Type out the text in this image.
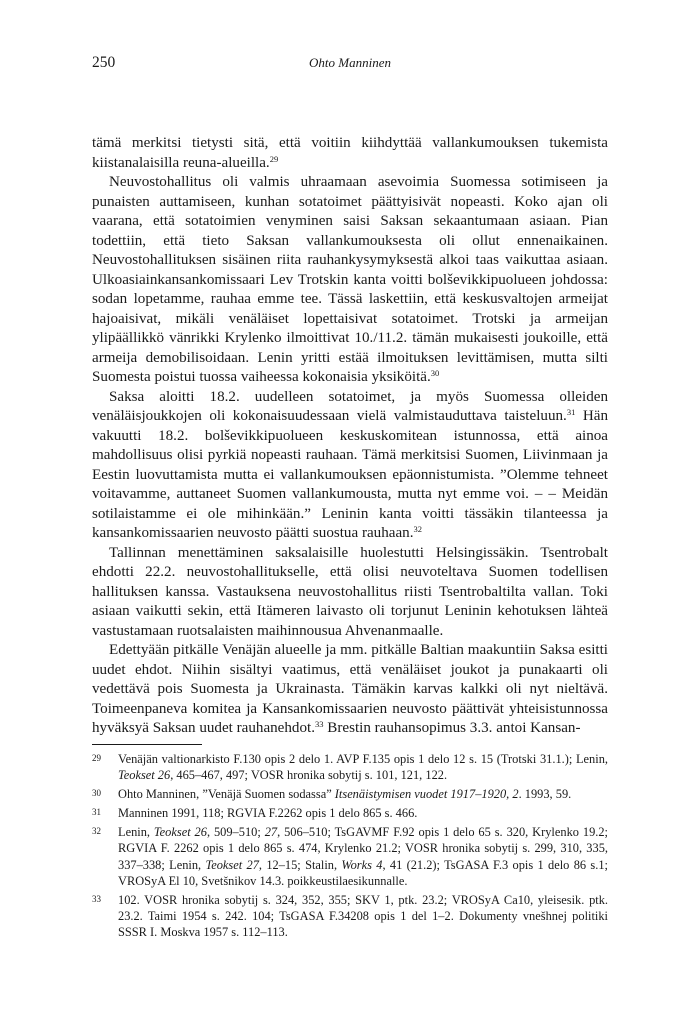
250	Ohto Manninen

tämä merkitsi tietysti sitä, että voitiin kiihdyttää vallankumouksen tukemista kiistanalaisilla reuna-alueilla.$^{29}$

Neuvostohallitus oli valmis uhraamaan asevoimia Suomessa sotimiseen ja punaisten auttamiseen, kunhan sotatoimet päättyisivät nopeasti. Koko ajan oli vaarana, että sotatoimien venyminen saisi Saksan sekaantumaan asiaan. Pian todettiin, että tieto Saksan vallankumouksesta oli ollut ennenaikainen. Neuvostohallituksen sisäinen riita rauhankysymyksestä alkoi taas vaikuttaa asiaan. Ulkoasiainkansankomissaari Lev Trotskin kanta voitti bolševikkipuolueen johdossa: sodan lopetamme, rauhaa emme tee. Tässä laskettiin, että keskusvaltojen armeijat hajoaisivat, mikäli venäläiset lopettaisivat sotatoimet. Trotski ja armeijan ylipäällikkö vänrikki Krylenko ilmoittivat 10./11.2. tämän mukaisesti joukoille, että armeija demobilisoidaan. Lenin yritti estää ilmoituksen levittämisen, mutta silti Suomesta poistui tuossa vaiheessa kokonaisia yksiköitä.$^{30}$

Saksa aloitti 18.2. uudelleen sotatoimet, ja myös Suomessa olleiden venäläisjoukkojen oli kokonaisuudessaan vielä valmistauduttava taisteluun.$^{31}$ Hän vakuutti 18.2. bolševikkipuolueen keskuskomitean istunnossa, että ainoa mahdollisuus olisi pyrkiä nopeasti rauhaan. Tämä merkitsisi Suomen, Liivinmaan ja Eestin luovuttamista mutta ei vallankumouksen epäonnistumista. ”Olemme tehneet voitavamme, auttaneet Suomen vallankumousta, mutta nyt emme voi. – – Meidän sotilaistamme ei ole mihinkään.” Leninin kanta voitti tässäkin tilanteessa ja kansankomissaarien neuvosto päätti suostua rauhaan.$^{32}$

Tallinnan menettäminen saksalaisille huolestutti Helsingissäkin. Tsentrobalt ehdotti 22.2. neuvostohallitukselle, että olisi neuvoteltava Suomen todellisen hallituksen kanssa. Vastauksena neuvostohallitus riisti Tsentrobaltilta vallan. Toki asiaan vaikutti sekin, että Itämeren laivasto oli torjunut Leninin kehotuksen lähteä vastustamaan ruotsalaisten maihinnousua Ahvenanmaalle.

Edettyään pitkälle Venäjän alueelle ja mm. pitkälle Baltian maakuntiin Saksa esitti uudet ehdot. Niihin sisältyi vaatimus, että venäläiset joukot ja punakaarti oli vedettävä pois Suomesta ja Ukrainasta. Tämäkin karvas kalkki oli nyt nieltävä. Toimeenpaneva komitea ja Kansankomissaarien neuvosto päättivät yhteisistunnossa hyväksyä Saksan uudet rauhanehdot.$^{33}$ Brestin rauhansopimus 3.3. antoi Kansan-

29	Venäjän valtionarkisto F.130 opis 2 delo 1. AVP F.135 opis 1 delo 12 s. 15 (Trotski 31.1.); Lenin, Teokset 26, 465–467, 497; VOSR hronika sobytij s. 101, 121, 122.
30	Ohto Manninen, ”Venäjä Suomen sodassa” Itsenäistymisen vuodet 1917–1920, 2. 1993, 59.
31	Manninen 1991, 118; RGVIA F.2262 opis 1 delo 865 s. 466.
32	Lenin, Teokset 26, 509–510; 27, 506–510; TsGAVMF F.92 opis 1 delo 65 s. 320, Krylenko 19.2; RGVIA F. 2262 opis 1 delo 865 s. 474, Krylenko 21.2; VOSR hronika sobytij s. 299, 310, 335, 337–338; Lenin, Teokset 27, 12–15; Stalin, Works 4, 41 (21.2); TsGASA F.3 opis 1 delo 86 s.1; VROSyA El 10, Svetšnikov 14.3. poikkeustilaesikunnalle.
33	102. VOSR hronika sobytij s. 324, 352, 355; SKV 1, ptk. 23.2; VROSyA Ca10, yleisesik. ptk. 23.2. Taimi 1954 s. 242. 104; TsGASA F.34208 opis 1 del 1–2. Dokumenty vnešhnej politiki SSSR I. Moskva 1957 s. 112–113.
